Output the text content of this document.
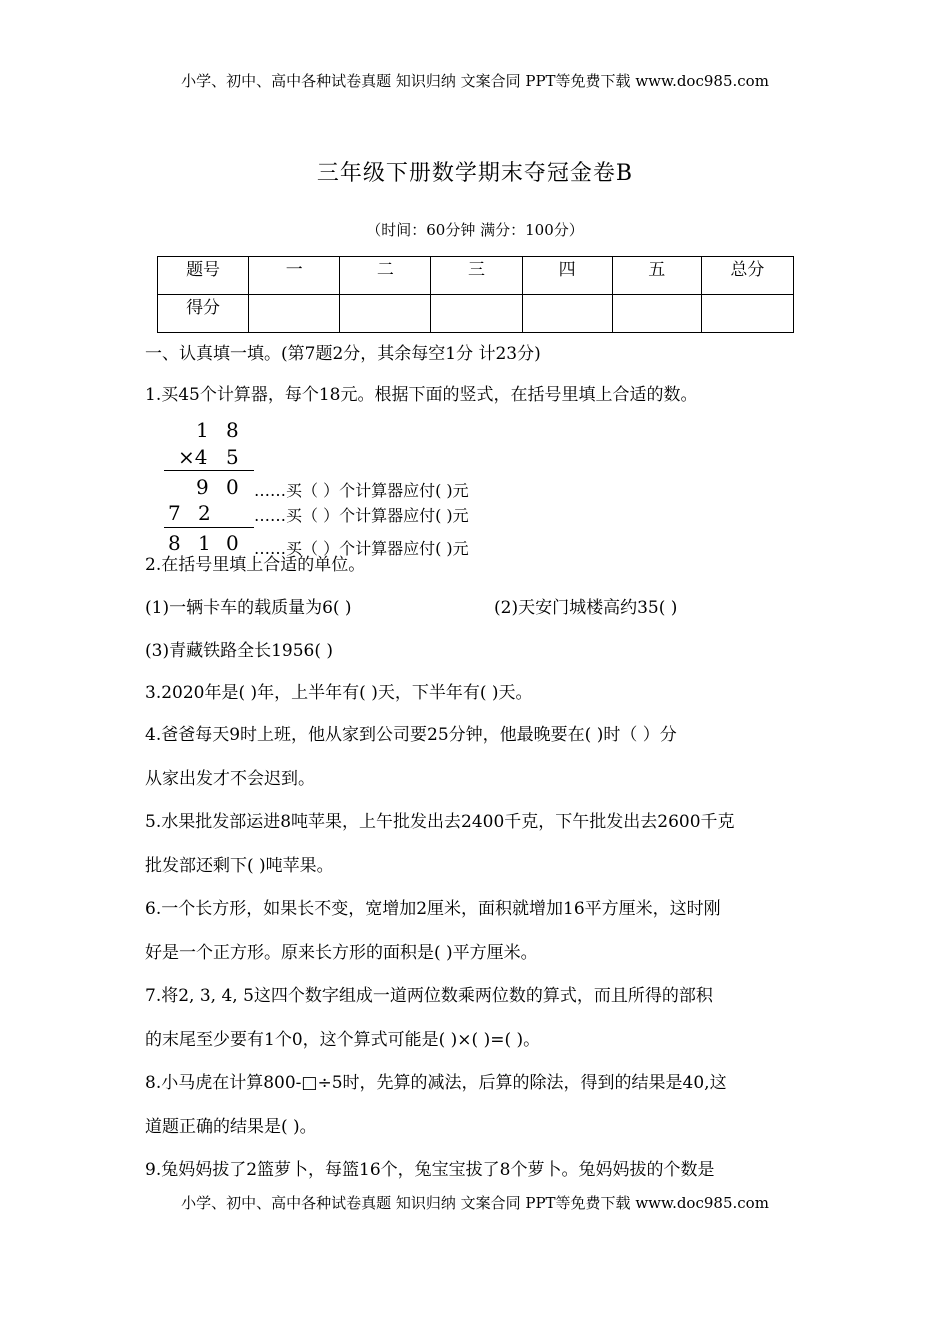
小学、初中、高中各种试卷真题 知识归纳 文案合同 PPT等免费下载 www.doc985.com
三年级下册数学期末夺冠金卷B
（时间：60分钟 满分：100分）
题号	一	二	三	四	五	总分
得分						
一、认真填一填。(第7题2分，其余每空1分 计23分)
1.买45个计算器，每个18元。根据下面的竖式，在括号里填上合适的数。
1 8
×4 5
9 0
7 2
8 1 0
……买（ ）个计算器应付( )元
……买（ ）个计算器应付( )元
……买（ ）个计算器应付( )元
2.在括号里填上合适的单位。
(1)一辆卡车的载质量为6( )	(2)天安门城楼高约35( )
(3)青藏铁路全长1956( )
3.2020年是( )年，上半年有( )天，下半年有( )天。
4.爸爸每天9时上班，他从家到公司要25分钟，他最晚要在( )时（ ）分
从家出发才不会迟到。
5.水果批发部运进8吨苹果，上午批发出去2400千克，下午批发出去2600千克
批发部还剩下( )吨苹果。
6.一个长方形，如果长不变，宽增加2厘米，面积就增加16平方厘米，这时刚
好是一个正方形。原来长方形的面积是( )平方厘米。
7.将2, 3, 4, 5这四个数字组成一道两位数乘两位数的算式，而且所得的部积
的末尾至少要有1个0，这个算式可能是( )×( )=( )。
8.小马虎在计算800-□÷5时，先算的减法，后算的除法，得到的结果是40,这
道题正确的结果是( )。
9.兔妈妈拔了2篮萝卜，每篮16个，兔宝宝拔了8个萝卜。兔妈妈拔的个数是
小学、初中、高中各种试卷真题 知识归纳 文案合同 PPT等免费下载 www.doc985.com
